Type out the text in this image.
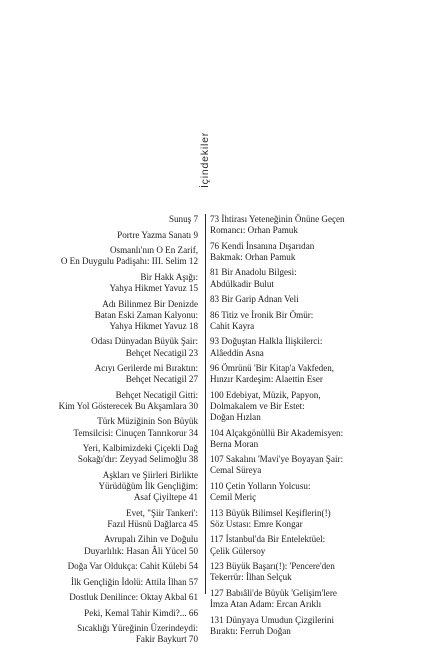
İçindekiler
Sunuş 7
Portre Yazma Sanatı 9
Osmanlı'nın O En Zarif,
O En Duygulu Padişahı: III. Selim 12
Bir Hakk Aşığı:
Yahya Hikmet Yavuz 15
Adı Bilinmez Bir Denizde
Batan Eski Zaman Kalyonu:
Yahya Hikmet Yavuz 18
Odası Dünyadan Büyük Şair:
Behçet Necatigil 23
Acıyı Gerilerde mi Bıraktın:
Behçet Necatigil 27
Behçet Necatigil Gitti:
Kim Yol Gösterecek Bu Akşamlara 30
Türk Müziğinin Son Büyük
Temsilcisi: Cinuçen Tanrıkorur 34
Yeri, Kalbimizdeki Çiçekli Dağ
Sokağı'dır: Zeyyad Selimoğlu 38
Aşkları ve Şiirleri Birlikte
Yürüdüğüm İlk Gençliğim:
Asaf Çiyiltepe 41
Evet, "Şiir Tankeri':
Fazıl Hüsnü Dağlarca 45
Avrupalı Zihin ve Doğulu
Duyarlılık: Hasan Âli Yücel 50
Doğa Var Oldukça: Cahit Külebi 54
İlk Gençliğin İdolü: Attila İlhan 57
Dostluk Denilince: Oktay Akbal 61
Peki, Kemal Tahir Kimdi?... 66
Sıcaklığı Yüreğinin Üzerindeydi:
Fakir Baykurt 70
73 İhtirası Yeteneğinin Önüne Geçen
Romancı: Orhan Pamuk
76 Kendi İnsanına Dışarıdan
Bakmak: Orhan Pamuk
81 Bir Anadolu Bilgesi:
Abdülkadir Bulut
83 Bir Garip Adnan Veli
86 Titiz ve İronik Bir Ömür:
Cahit Kayra
93 Doğuştan Halkla İlişkilerci:
Alâeddin Asna
96 Ömrünü 'Bir Kitap'a Vakfeden,
Hınzır Kardeşim: Alaettin Eser
100 Edebiyat, Müzik, Papyon,
Dolmakalem ve Bir Estet:
Doğan Hızlan
104 Alçakgönüllü Bir Akademisyen:
Berna Moran
107 Sakalını 'Mavi'ye Boyayan Şair:
Cemal Süreya
110 Çetin Yolların Yolcusu:
Cemil Meriç
113 Büyük Bilimsel Keşiflerin(!)
Söz Ustası: Emre Kongar
117 İstanbul'da Bir Entelektüel:
Çelik Gülersoy
123 Büyük Başarı(!): 'Pencere'den
Tekerrür: İlhan Selçuk
127 Babıâli'de Büyük 'Gelişim'lere
İmza Atan Adam: Ercan Arıklı
131 Dünyaya Umudun Çizgilerini
Bıraktı: Ferruh Doğan
